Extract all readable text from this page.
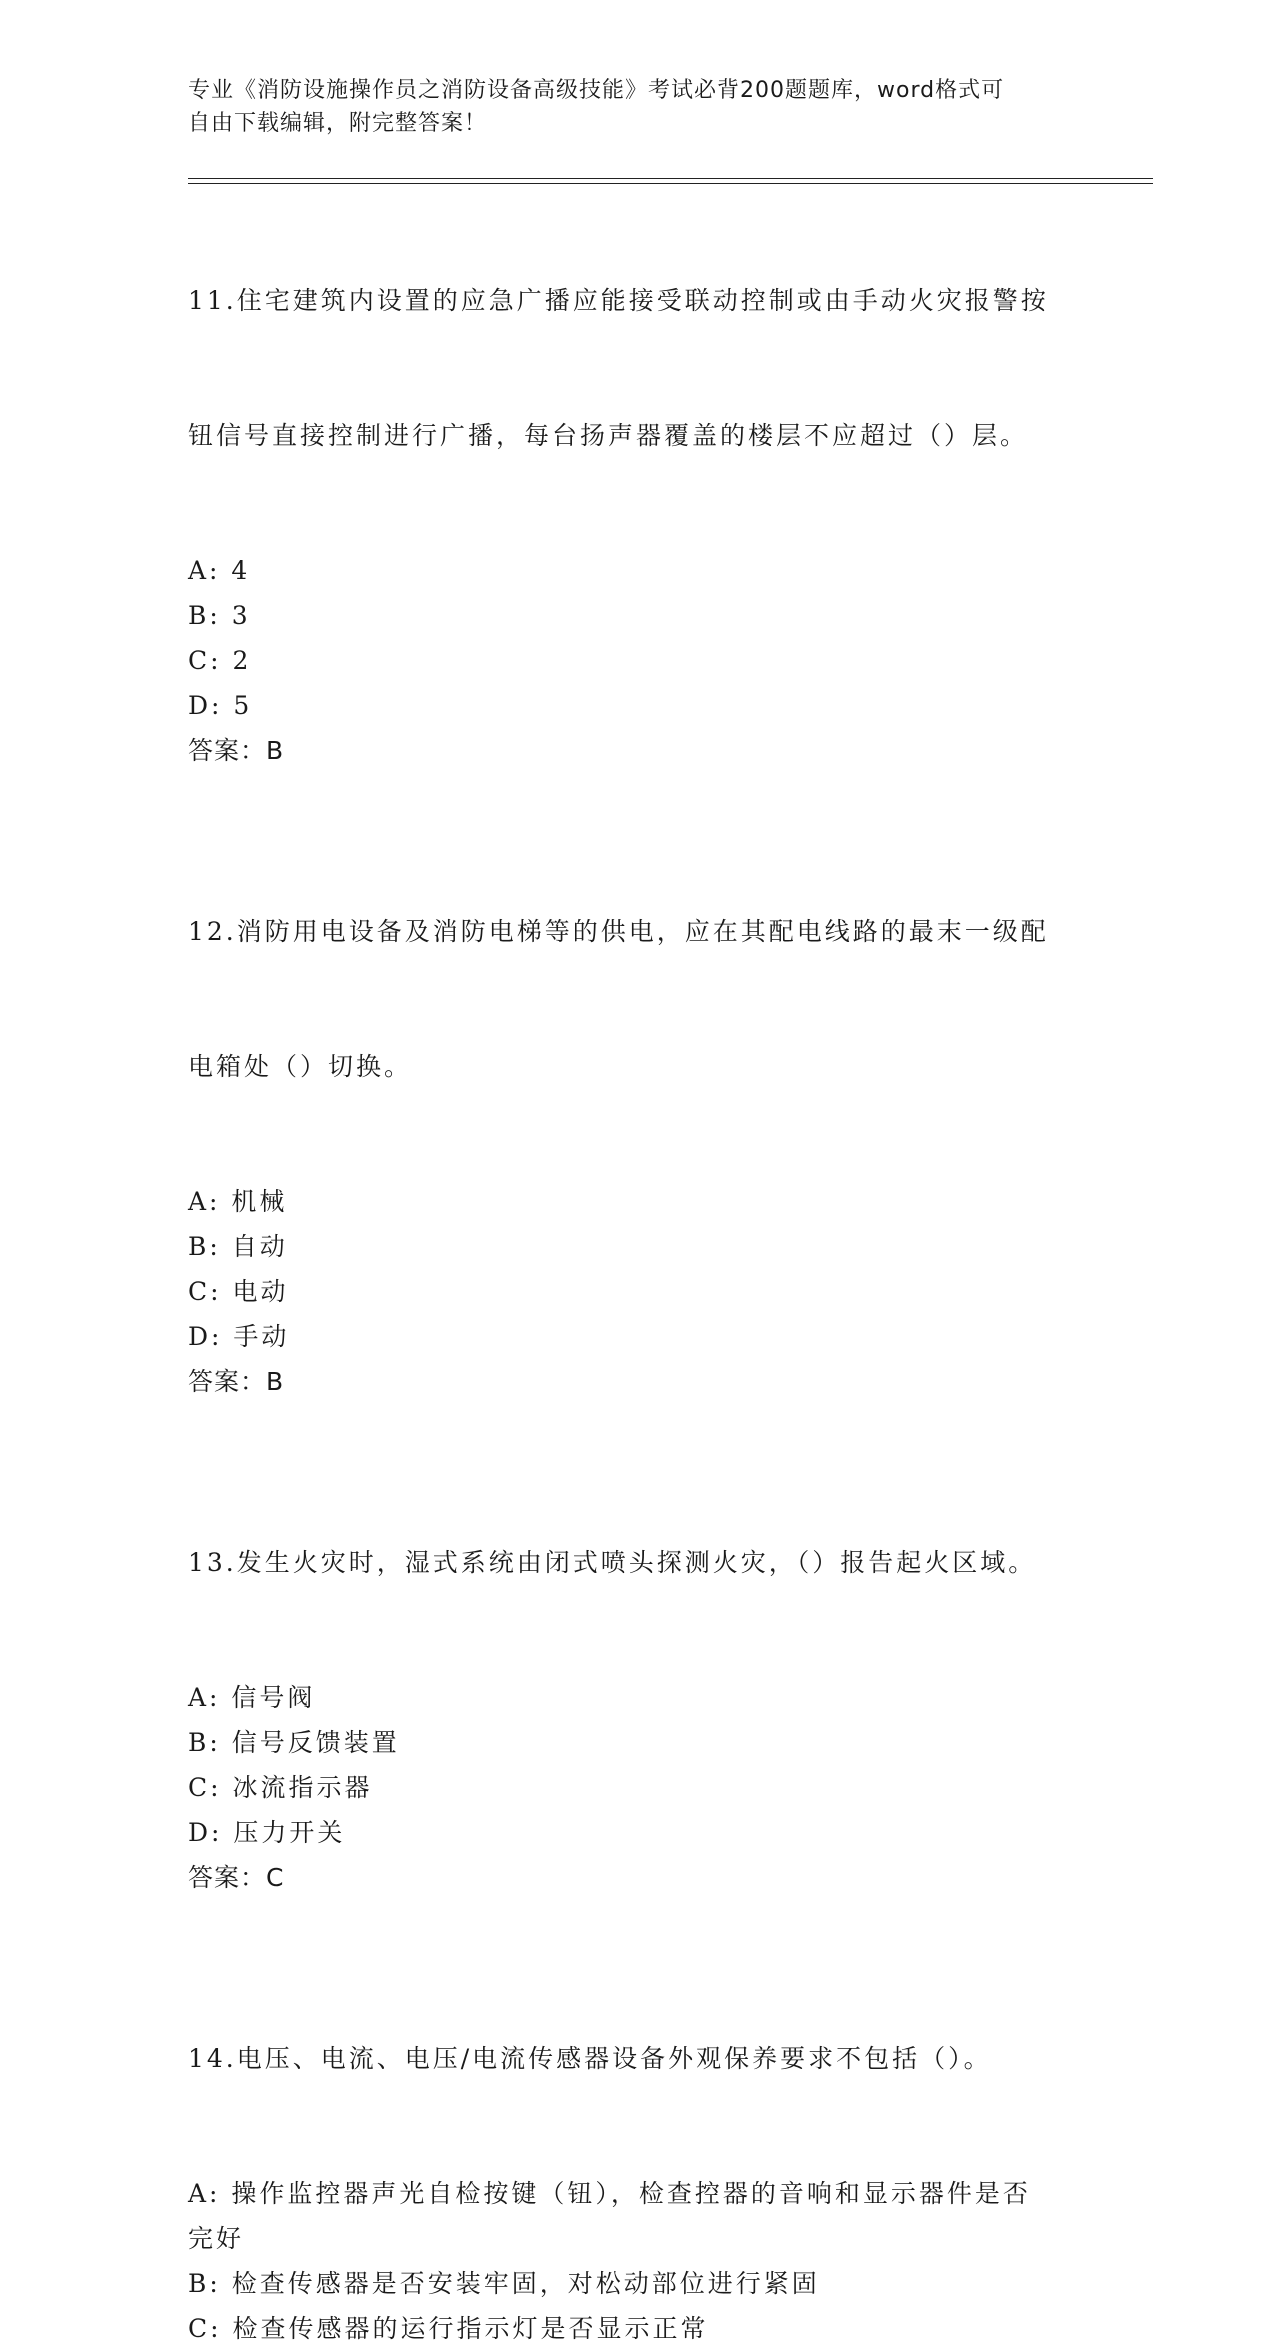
专业《消防设施操作员之消防设备高级技能》考试必背200题题库，word格式可
自由下载编辑，附完整答案！

11.住宅建筑内设置的应急广播应能接受联动控制或由手动火灾报警按

钮信号直接控制进行广播，每台扬声器覆盖的楼层不应超过（）层。

A: 4
B: 3
C: 2
D: 5
答案：B

12.消防用电设备及消防电梯等的供电，应在其配电线路的最末一级配

电箱处（）切换。

A: 机械
B: 自动
C: 电动
D: 手动
答案：B

13.发生火灾时，湿式系统由闭式喷头探测火灾，（）报告起火区域。

A: 信号阀
B: 信号反馈装置
C: 冰流指示器
D: 压力开关
答案：C

14.电压、电流、电压/电流传感器设备外观保养要求不包括（）。

A: 操作监控器声光自检按键（钮），检查控器的音响和显示器件是否
完好
B: 检查传感器是否安装牢固，对松动部位进行紧固
C: 检查传感器的运行指示灯是否显示正常
